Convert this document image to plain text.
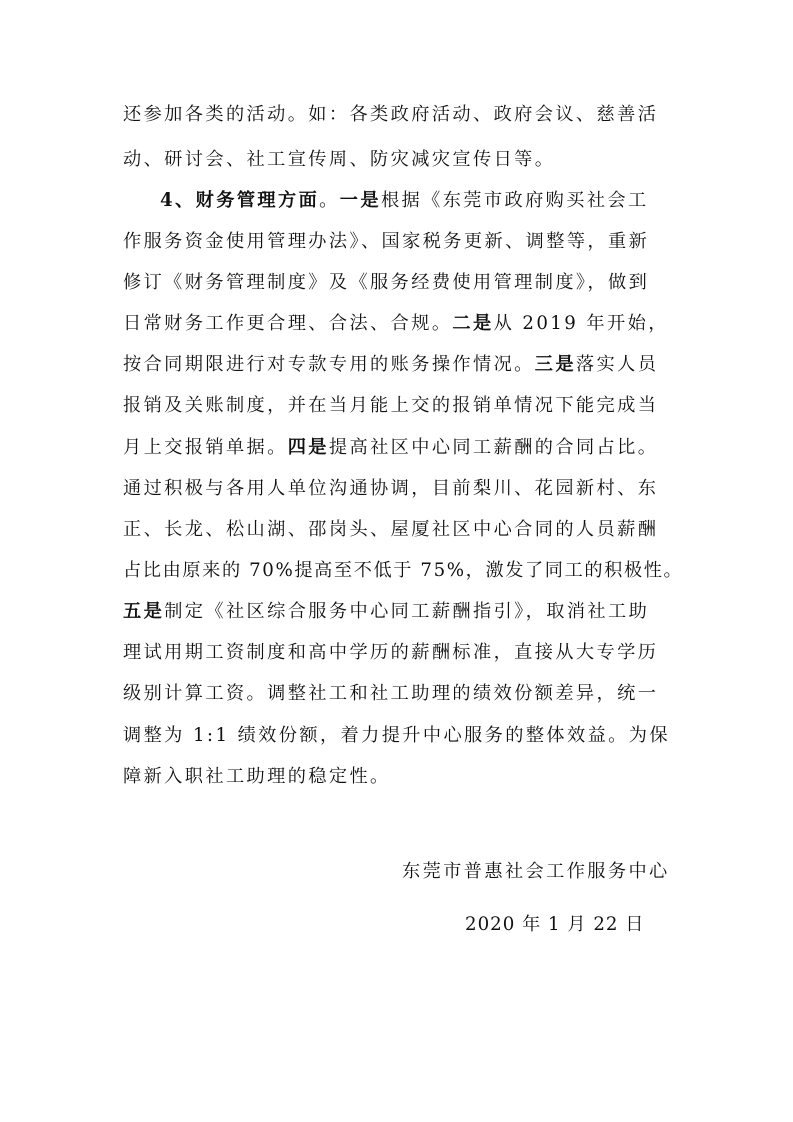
还参加各类的活动。如：各类政府活动、政府会议、慈善活
动、研讨会、社工宣传周、防灾减灾宣传日等。
4、财务管理方面。一是根据《东莞市政府购买社会工
作服务资金使用管理办法》、国家税务更新、调整等，重新
修订《财务管理制度》及《服务经费使用管理制度》，做到
日常财务工作更合理、合法、合规。二是从 2019 年开始，
按合同期限进行对专款专用的账务操作情况。三是落实人员
报销及关账制度，并在当月能上交的报销单情况下能完成当
月上交报销单据。四是提高社区中心同工薪酬的合同占比。
通过积极与各用人单位沟通协调，目前梨川、花园新村、东
正、长龙、松山湖、邵岗头、屋厦社区中心合同的人员薪酬
占比由原来的 70%提高至不低于 75%，激发了同工的积极性。
五是制定《社区综合服务中心同工薪酬指引》，取消社工助
理试用期工资制度和高中学历的薪酬标准，直接从大专学历
级别计算工资。调整社工和社工助理的绩效份额差异，统一
调整为 1:1 绩效份额，着力提升中心服务的整体效益。为保
障新入职社工助理的稳定性。
东莞市普惠社会工作服务中心
2020 年 1 月 22 日
